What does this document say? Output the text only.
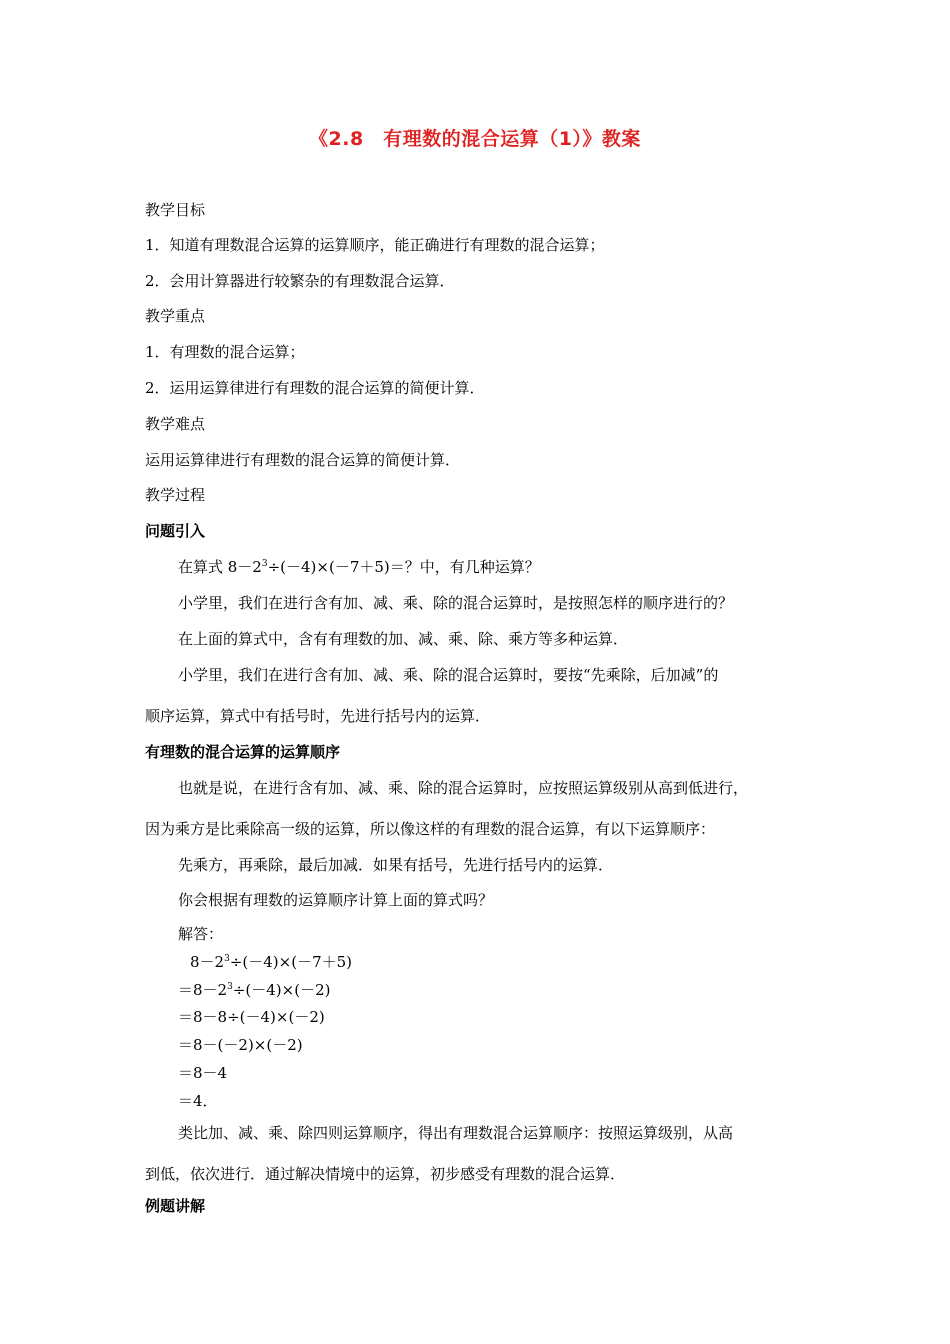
《2.8　有理数的混合运算（1）》教案
教学目标
1．知道有理数混合运算的运算顺序，能正确进行有理数的混合运算；
2．会用计算器进行较繁杂的有理数混合运算．
教学重点
1．有理数的混合运算；
2．运用运算律进行有理数的混合运算的简便计算．
教学难点
运用运算律进行有理数的混合运算的简便计算．
教学过程
问题引入
在算式 $8-2^3\div(-4)\times(-7+5)=$？中，有几种运算？
小学里，我们在进行含有加、减、乘、除的混合运算时，是按照怎样的顺序进行的？
在上面的算式中，含有有理数的加、减、乘、除、乘方等多种运算．
小学里，我们在进行含有加、减、乘、除的混合运算时，要按“先乘除，后加减”的
顺序运算，算式中有括号时，先进行括号内的运算．
有理数的混合运算的运算顺序
也就是说，在进行含有加、减、乘、除的混合运算时，应按照运算级别从高到低进行，
因为乘方是比乘除高一级的运算，所以像这样的有理数的混合运算，有以下运算顺序：
先乘方，再乘除，最后加减．如果有括号，先进行括号内的运算．
你会根据有理数的运算顺序计算上面的算式吗？
解答：
$8-2^3\div(-4)\times(-7+5)$
$=8-2^3\div(-4)\times(-2)$
＝8－8÷(－4)×(－2)
＝8－(－2)×(－2)
＝8－4
＝4．
类比加、减、乘、除四则运算顺序，得出有理数混合运算顺序：按照运算级别，从高
到低，依次进行．通过解决情境中的运算，初步感受有理数的混合运算．
例题讲解
